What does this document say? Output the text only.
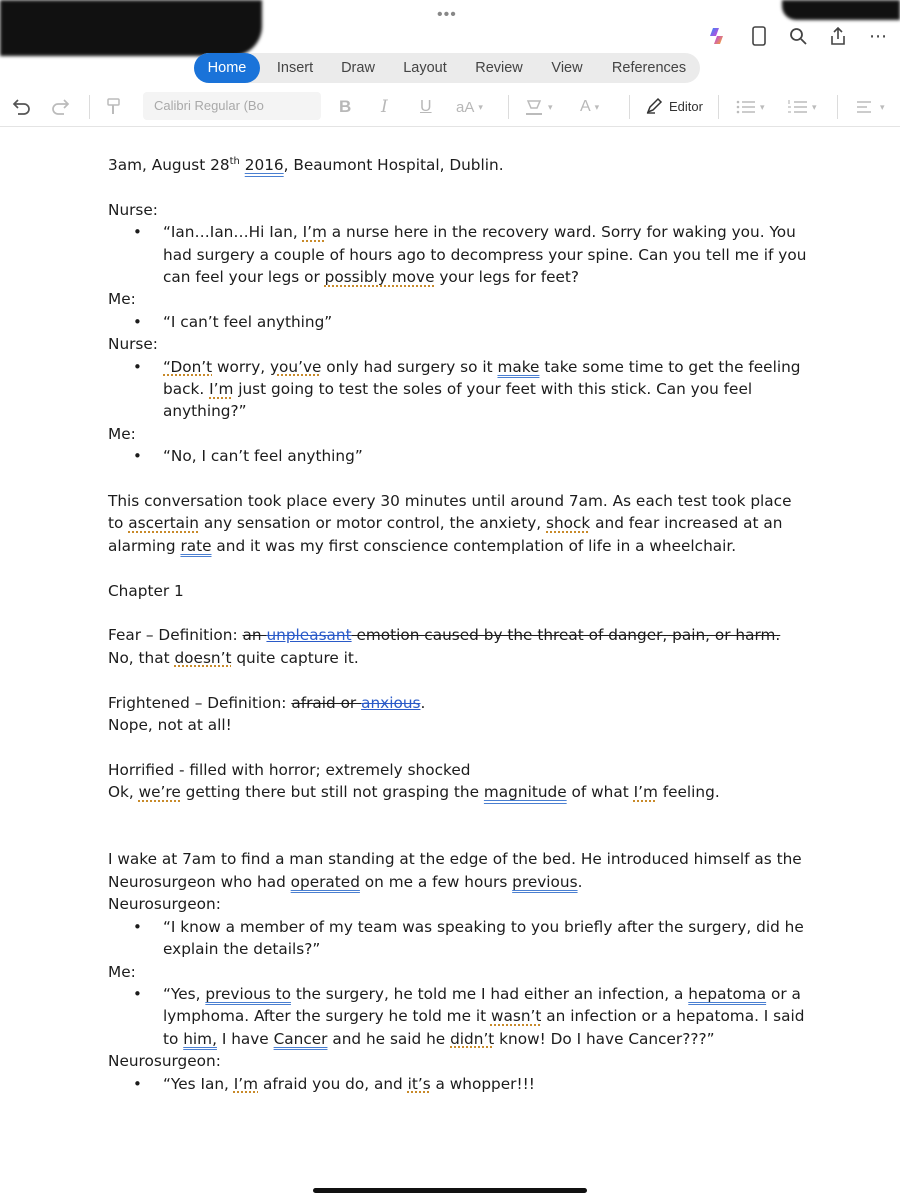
•••
⋯
Home	Insert	Draw	Layout	Review	View	References
B I U aA ▾	▾ A ▾	▾	▾	▾
Calibri Regular (Bo	Editor

3am, August 28th 2016, Beaumont Hospital, Dublin.

Nurse:

• “Ian…Ian…Hi Ian, I’m a nurse here in the recovery ward. Sorry for waking you. You had surgery a couple of hours ago to decompress your spine. Can you tell me if you can feel your legs or possibly move your legs for feet?

Me:

• “I can’t feel anything”

Nurse:

• “Don’t worry, you’ve only had surgery so it make take some time to get the feeling back. I’m just going to test the soles of your feet with this stick. Can you feel anything?”

Me:

• “No, I can’t feel anything”

This conversation took place every 30 minutes until around 7am. As each test took place to ascertain any sensation or motor control, the anxiety, shock and fear increased at an alarming rate and it was my first conscience contemplation of life in a wheelchair.

Chapter 1

Fear – Definition: an unpleasant emotion caused by the threat of danger, pain, or harm.

No, that doesn’t quite capture it.

Frightened – Definition: afraid or anxious.

Nope, not at all!

Horrified - filled with horror; extremely shocked

Ok, we’re getting there but still not grasping the magnitude of what I’m feeling.

I wake at 7am to find a man standing at the edge of the bed. He introduced himself as the Neurosurgeon who had operated on me a few hours previous.

Neurosurgeon:

• “I know a member of my team was speaking to you briefly after the surgery, did he explain the details?”

Me:

• “Yes, previous to the surgery, he told me I had either an infection, a hepatoma or a lymphoma. After the surgery he told me it wasn’t an infection or a hepatoma. I said to him, I have Cancer and he said he didn’t know! Do I have Cancer???”

Neurosurgeon:

• “Yes Ian, I’m afraid you do, and it’s a whopper!!!
